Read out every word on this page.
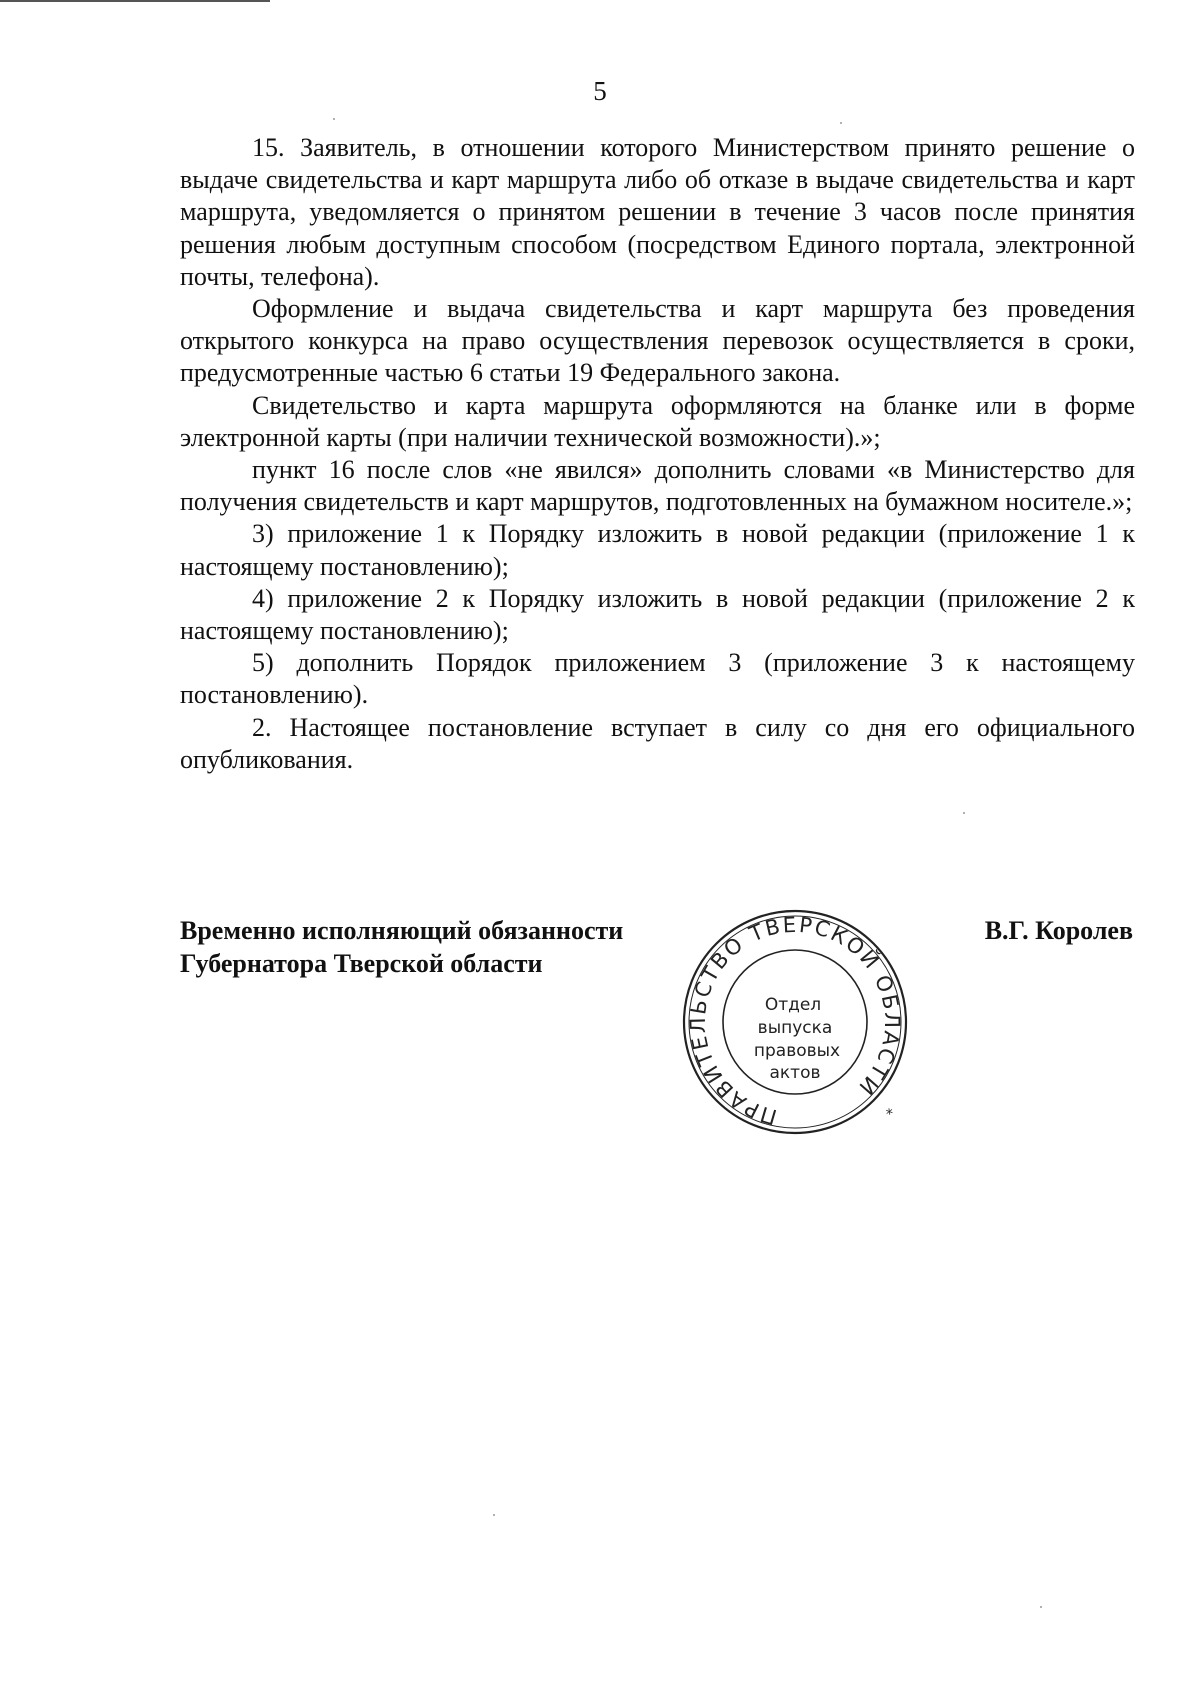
5

15. Заявитель, в отношении которого Министерством принято решение о выдаче свидетельства и карт маршрута либо об отказе в выдаче свидетельства и карт маршрута, уведомляется о принятом решении в течение 3 часов после принятия решения любым доступным способом (посредством Единого портала, электронной почты, телефона).

Оформление и выдача свидетельства и карт маршрута без проведения открытого конкурса на право осуществления перевозок осуществляется в сроки, предусмотренные частью 6 статьи 19 Федерального закона.

Свидетельство и карта маршрута оформляются на бланке или в форме электронной карты (при наличии технической возможности).»;

пункт 16 после слов «не явился» дополнить словами «в Министерство для получения свидетельств и карт маршрутов, подготовленных на бумажном носителе.»;

3) приложение 1 к Порядку изложить в новой редакции (приложение 1 к настоящему постановлению);

4) приложение 2 к Порядку изложить в новой редакции (приложение 2 к настоящему постановлению);

5) дополнить Порядок приложением 3 (приложение 3 к настоящему постановлению).

2. Настоящее постановление вступает в силу со дня его официального опубликования.

Временно исполняющий обязанности
Губернатора Тверской области
ПРАВИТЕЛЬСТВО ТВЕРСКОЙ ОБЛАСТИ
*
Отдел
выпуска
правовых
актов
В.Г. Королев
